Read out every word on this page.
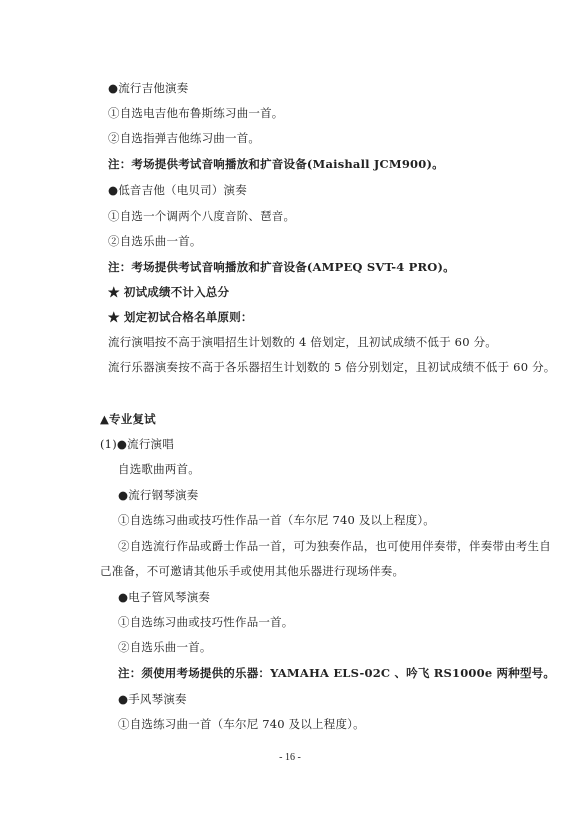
●流行吉他演奏
①自选电吉他布鲁斯练习曲一首。
②自选指弹吉他练习曲一首。
注：考场提供考试音响播放和扩音设备(Maishall JCM900)。
●低音吉他（电贝司）演奏
①自选一个调两个八度音阶、琶音。
②自选乐曲一首。
注：考场提供考试音响播放和扩音设备(AMPEQ SVT-4 PRO)。
★ 初试成绩不计入总分
★ 划定初试合格名单原则：
流行演唱按不高于演唱招生计划数的 4 倍划定，且初试成绩不低于 60 分。
流行乐器演奏按不高于各乐器招生计划数的 5 倍分别划定，且初试成绩不低于 60 分。
▲专业复试
(1)●流行演唱
自选歌曲两首。
●流行钢琴演奏
①自选练习曲或技巧性作品一首（车尔尼 740 及以上程度）。
②自选流行作品或爵士作品一首，可为独奏作品，也可使用伴奏带，伴奏带由考生自
己准备，不可邀请其他乐手或使用其他乐器进行现场伴奏。
●电子管风琴演奏
①自选练习曲或技巧性作品一首。
②自选乐曲一首。
注：须使用考场提供的乐器：YAMAHA ELS-02C 、吟飞 RS1000e 两种型号。
●手风琴演奏
①自选练习曲一首（车尔尼 740 及以上程度）。
- 16 -
